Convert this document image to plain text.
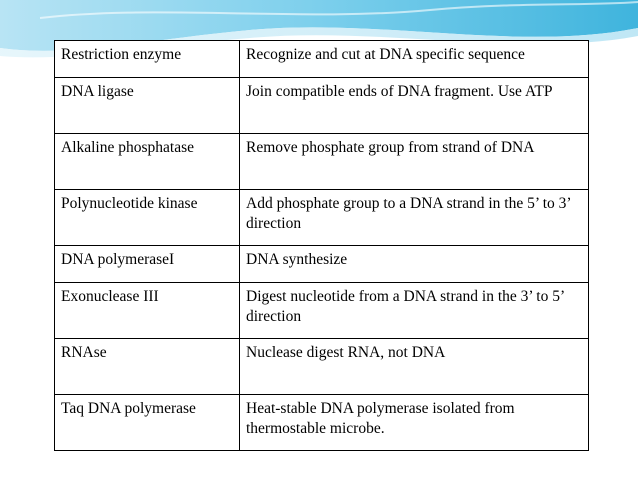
Restriction enzyme	Recognize and cut at DNA specific sequence
DNA ligase	Join compatible ends of DNA fragment. Use ATP
Alkaline phosphatase	Remove phosphate group from strand of DNA
Polynucleotide kinase	Add phosphate group to a DNA strand in the 5’ to 3’ direction
DNA polymeraseI	DNA synthesize
Exonuclease III	Digest nucleotide from a DNA strand in the 3’ to 5’ direction
RNAse	Nuclease digest RNA, not DNA
Taq DNA polymerase	Heat-stable DNA polymerase isolated from thermostable microbe.
